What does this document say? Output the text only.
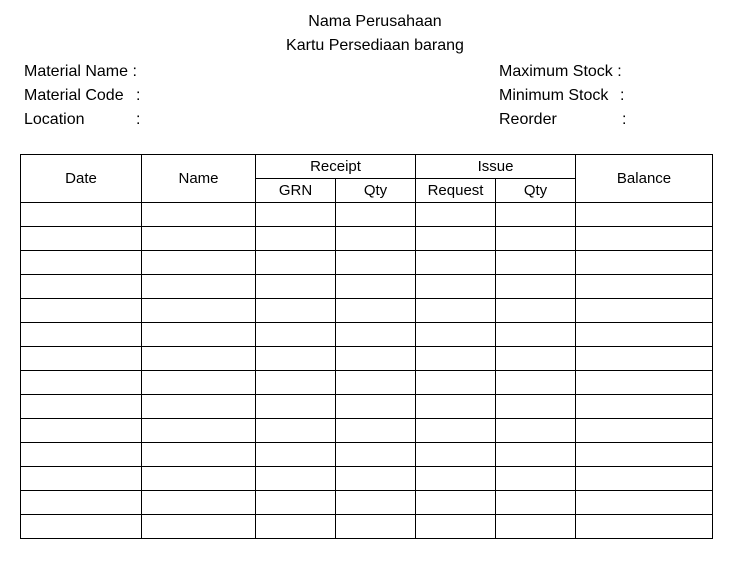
Nama Perusahaan
Kartu Persediaan barang
Material Name :
Material Code :
Location	:
Maximum Stock :
Minimum Stock :
Reorder	:
Date	Name	Receipt		Issue		Balance
		GRN	Qty	Request	Qty	
